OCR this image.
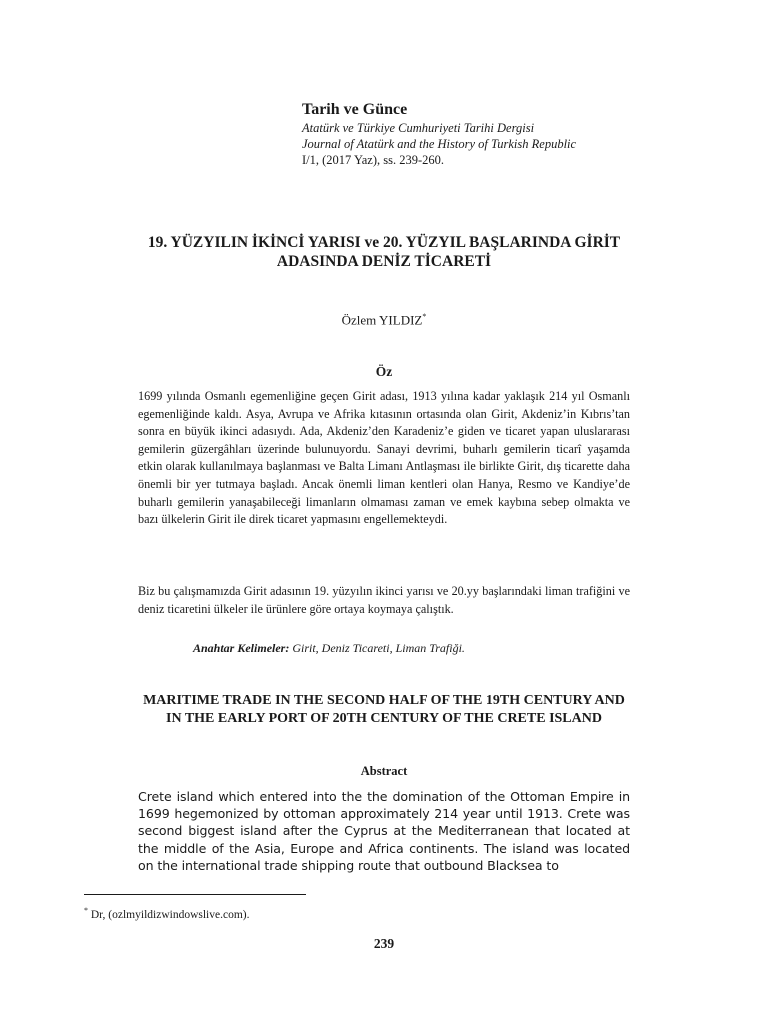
Tarih ve Günce
Atatürk ve Türkiye Cumhuriyeti Tarihi Dergisi
Journal of Atatürk and the History of Turkish Republic
I/1, (2017 Yaz), ss. 239-260.
19. YÜZYILIN İKİNCİ YARISI ve 20. YÜZYIL BAŞLARINDA GİRİT
ADASINDA DENİZ TİCARETİ
Özlem YILDIZ*
Öz
1699 yılında Osmanlı egemenliğine geçen Girit adası, 1913 yılına kadar yaklaşık 214 yıl Osmanlı egemenliğinde kaldı. Asya, Avrupa ve Afrika kıtasının ortasında olan Girit, Akdeniz’in Kıbrıs’tan sonra en büyük ikinci adasıydı. Ada, Akdeniz’den Karadeniz’e giden ve ticaret yapan uluslararası gemilerin güzergâhları üzerinde bulunuyordu. Sanayi devrimi, buharlı gemilerin ticarî yaşamda etkin olarak kullanılmaya başlanması ve Balta Limanı Antlaşması ile birlikte Girit, dış ticarette daha önemli bir yer tutmaya başladı. Ancak önemli liman kentleri olan Hanya, Resmo ve Kandiye’de buharlı gemilerin yanaşabileceği limanların olmaması zaman ve emek kaybına sebep olmakta ve bazı ülkelerin Girit ile direk ticaret yapmasını engellemekteydi.
Biz bu çalışmamızda Girit adasının 19. yüzyılın ikinci yarısı ve 20.yy başlarındaki liman trafiğini ve deniz ticaretini ülkeler ile ürünlere göre ortaya koymaya çalıştık.
Anahtar Kelimeler: Girit, Deniz Ticareti, Liman Trafiği.
MARITIME TRADE IN THE SECOND HALF OF THE 19TH CENTURY AND
IN THE EARLY PORT OF 20TH CENTURY OF THE CRETE ISLAND
Abstract
Crete island which entered into the the domination of the Ottoman Empire in 1699 hegemonized by ottoman approximately 214 year until 1913. Crete was second biggest island after the Cyprus at the Mediterranean that located at the middle of the Asia, Europe and Africa continents. The island was located on the international trade shipping route that outbound Blacksea to
* Dr, (ozlmyildizwindowslive.com).
239
